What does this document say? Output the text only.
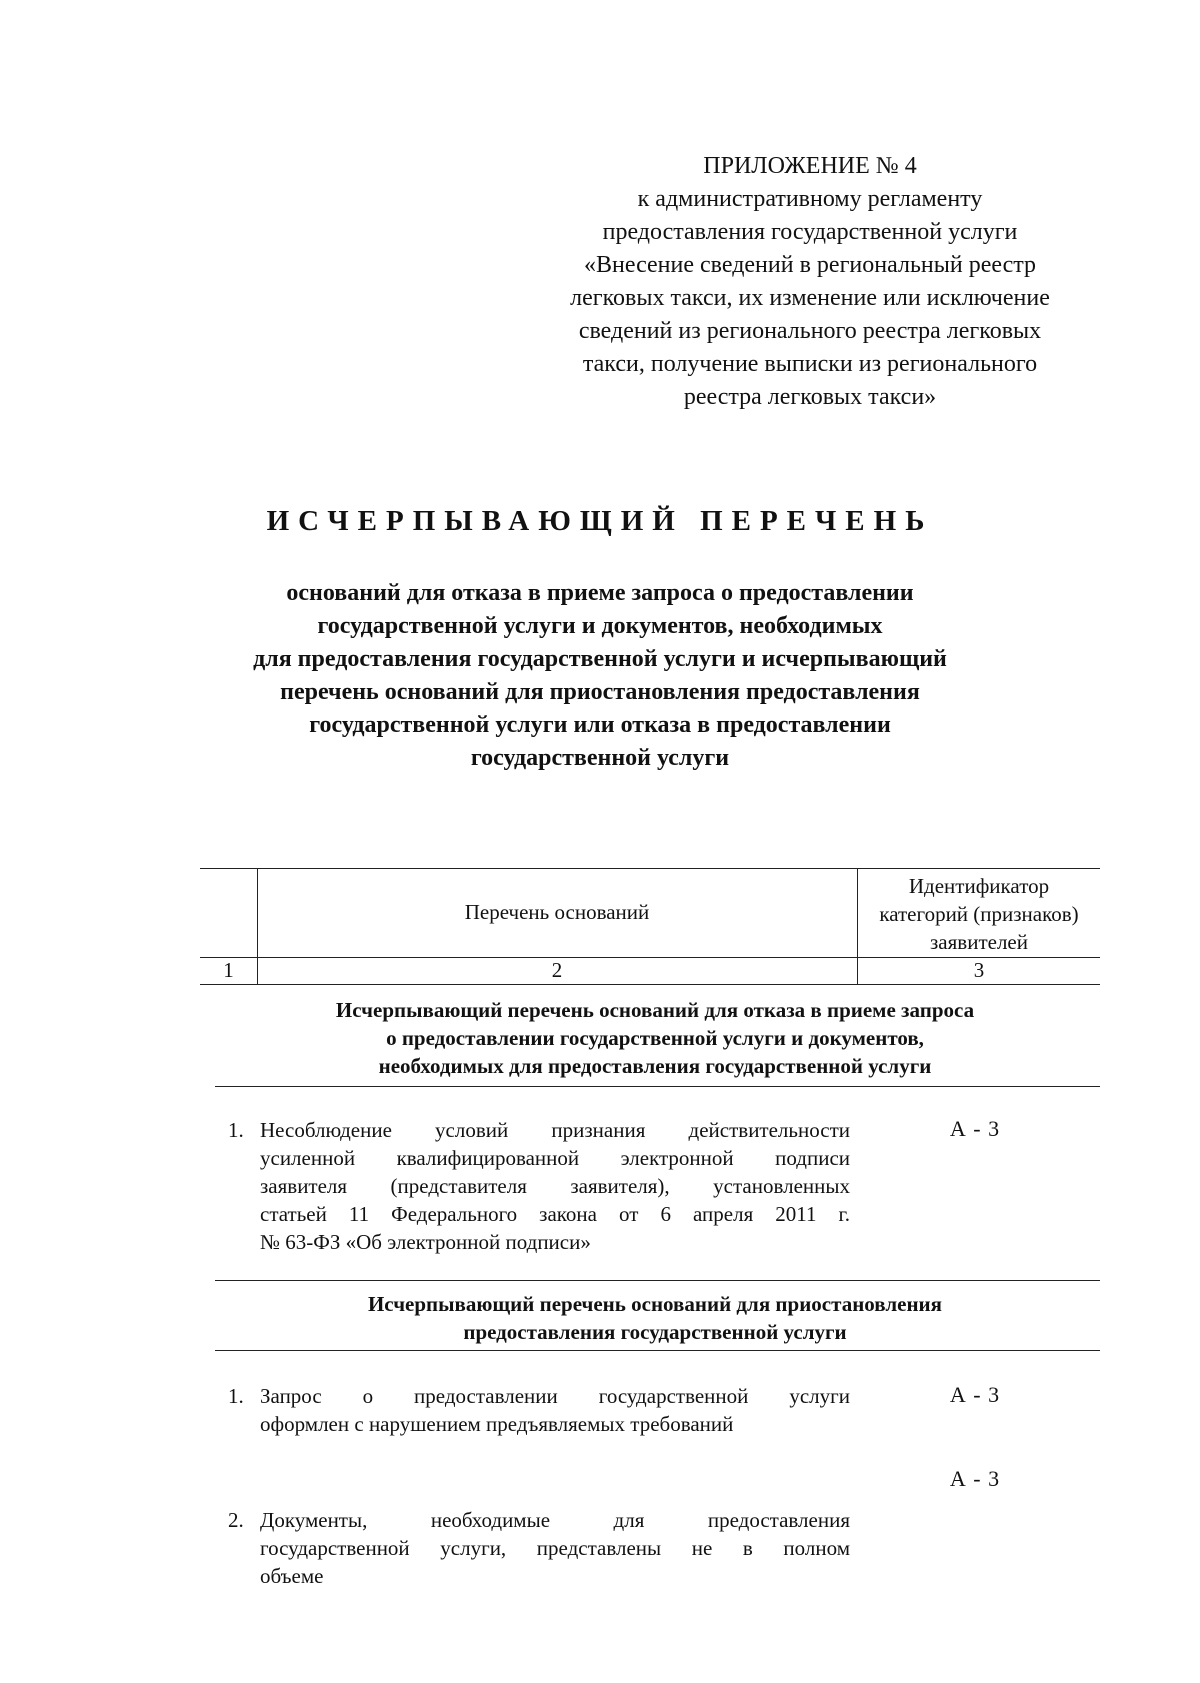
ПРИЛОЖЕНИЕ № 4
к административному регламенту
предоставления государственной услуги
«Внесение сведений в региональный реестр
легковых такси, их изменение или исключение
сведений из регионального реестра легковых
такси, получение выписки из регионального
реестра легковых такси»
ИСЧЕРПЫВАЮЩИЙ ПЕРЕЧЕНЬ
оснований для отказа в приеме запроса о предоставлении
государственной услуги и документов, необходимых
для предоставления государственной услуги и исчерпывающий
перечень оснований для приостановления предоставления
государственной услуги или отказа в предоставлении
государственной услуги
Перечень оснований
Идентификатор
категорий (признаков)
заявителей
1	2	3
Исчерпывающий перечень оснований для отказа в приеме запроса
о предоставлении государственной услуги и документов,
необходимых для предоставления государственной услуги
1. Несоблюдение условий признания действительности
усиленной квалифицированной электронной подписи
заявителя (представителя заявителя), установленных
статьей 11 Федерального закона от 6 апреля 2011 г.
№ 63-ФЗ «Об электронной подписи»
А - 3
Исчерпывающий перечень оснований для приостановления
предоставления государственной услуги
1. Запрос о предоставлении государственной услуги
оформлен с нарушением предъявляемых требований
А - 3
А - 3
2. Документы, необходимые для предоставления
государственной услуги, представлены не в полном
объеме
